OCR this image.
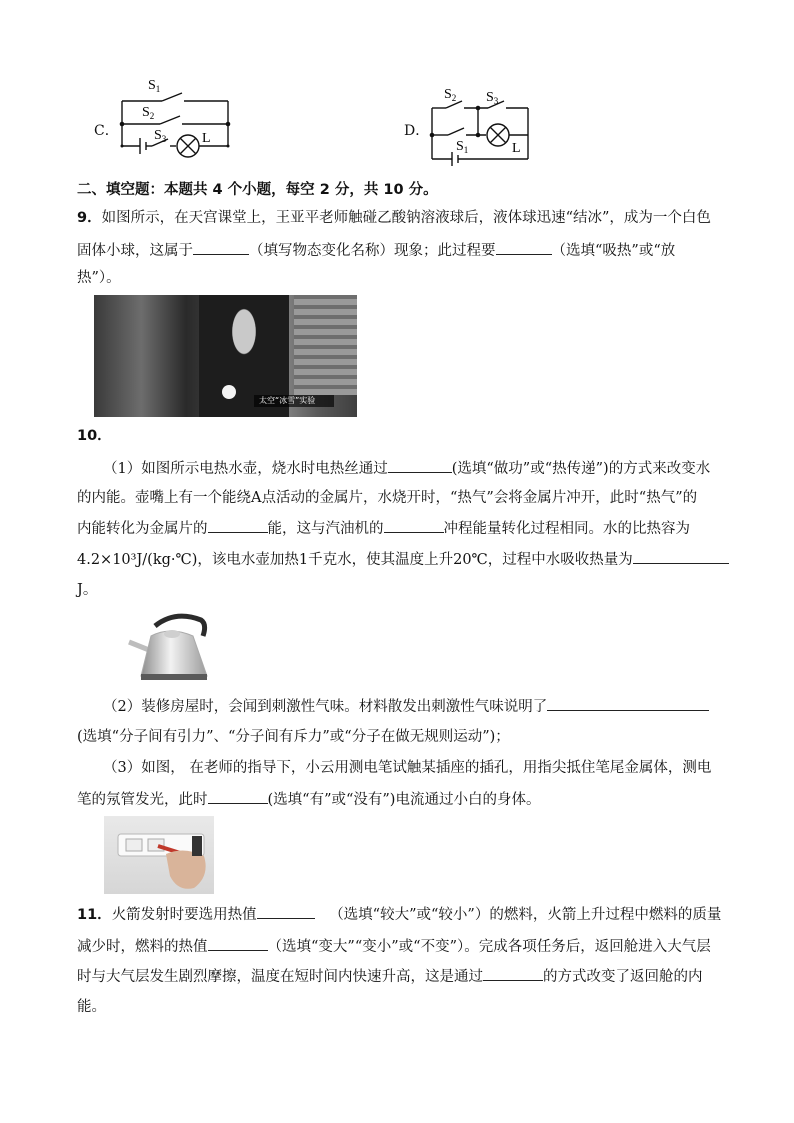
C．
$S_1$
$S_2$
$S_3$	L	D．
$S_2$ $S_3$
$S_1$	L
二、填空题：本题共 4 个小题，每空 2 分，共 10 分。
9．如图所示，在天宫课堂上，王亚平老师触碰乙酸钠溶液球后，液体球迅速“结冰”，成为一个白色
固体小球，这属于	（填写物态变化名称）现象；此过程要	（选填“吸热”或“放
热”）。
太空“冰雪”实验
10．
（1）如图所示电热水壶，烧水时电热丝通过	(选填“做功”或“热传递”)的方式来改变水
的内能。壶嘴上有一个能绕A点活动的金属片，水烧开时，“热气”会将金属片冲开，此时“热气”的
内能转化为金属片的	能，这与汽油机的	冲程能量转化过程相同。水的比热容为
4.2×10³J/(kg·℃)，该电水壶加热1千克水，使其温度上升20℃，过程中水吸收热量为
J。
（2）装修房屋时，会闻到刺激性气味。材料散发出刺激性气味说明了
(选填“分子间有引力”、“分子间有斥力”或“分子在做无规则运动”)；
（3）如图， 在老师的指导下，小云用测电笔试触某插座的插孔，用指尖抵住笔尾金属体，测电
笔的氖管发光，此时	(选填“有”或“没有”)电流通过小白的身体。
11．火箭发射时要选用热值 	（选填“较大”或“较小”）的燃料，火箭上升过程中燃料的质量
减少时，燃料的热值	（选填“变大”“变小”或“不变”）。完成各项任务后，返回舱进入大气层
时与大气层发生剧烈摩擦，温度在短时间内快速升高，这是通过	的方式改变了返回舱的内
能。
